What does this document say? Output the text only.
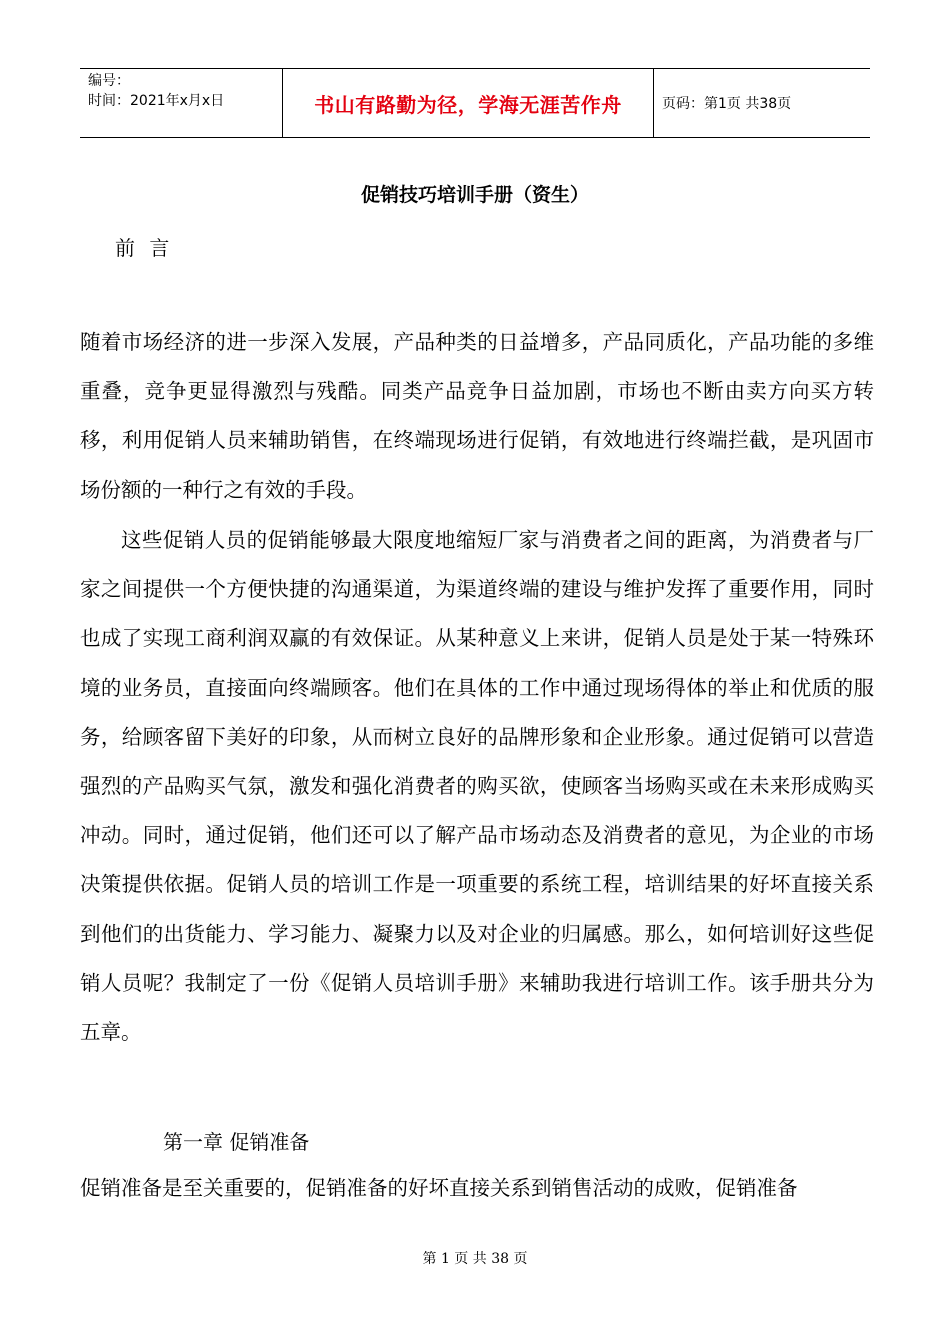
编号：
时间：2021年x月x日	书山有路勤为径，学海无涯苦作舟	页码：第1页 共38页
促销技巧培训手册（资生）
前 言

随着市场经济的进一步深入发展，产品种类的日益增多，产品同质化，产品功能的多维重叠，竞争更显得激烈与残酷。同类产品竞争日益加剧，市场也不断由卖方向买方转移，利用促销人员来辅助销售，在终端现场进行促销，有效地进行终端拦截，是巩固市场份额的一种行之有效的手段。

这些促销人员的促销能够最大限度地缩短厂家与消费者之间的距离，为消费者与厂家之间提供一个方便快捷的沟通渠道，为渠道终端的建设与维护发挥了重要作用，同时也成了实现工商利润双赢的有效保证。从某种意义上来讲，促销人员是处于某一特殊环境的业务员，直接面向终端顾客。他们在具体的工作中通过现场得体的举止和优质的服务，给顾客留下美好的印象，从而树立良好的品牌形象和企业形象。通过促销可以营造强烈的产品购买气氛，激发和强化消费者的购买欲，使顾客当场购买或在未来形成购买冲动。同时，通过促销，他们还可以了解产品市场动态及消费者的意见，为企业的市场决策提供依据。促销人员的培训工作是一项重要的系统工程，培训结果的好坏直接关系到他们的出货能力、学习能力、凝聚力以及对企业的归属感。那么，如何培训好这些促销人员呢？我制定了一份《促销人员培训手册》来辅助我进行培训工作。该手册共分为五章。

第一章 促销准备

促销准备是至关重要的，促销准备的好坏直接关系到销售活动的成败，促销准备

第 1 页 共 38 页
